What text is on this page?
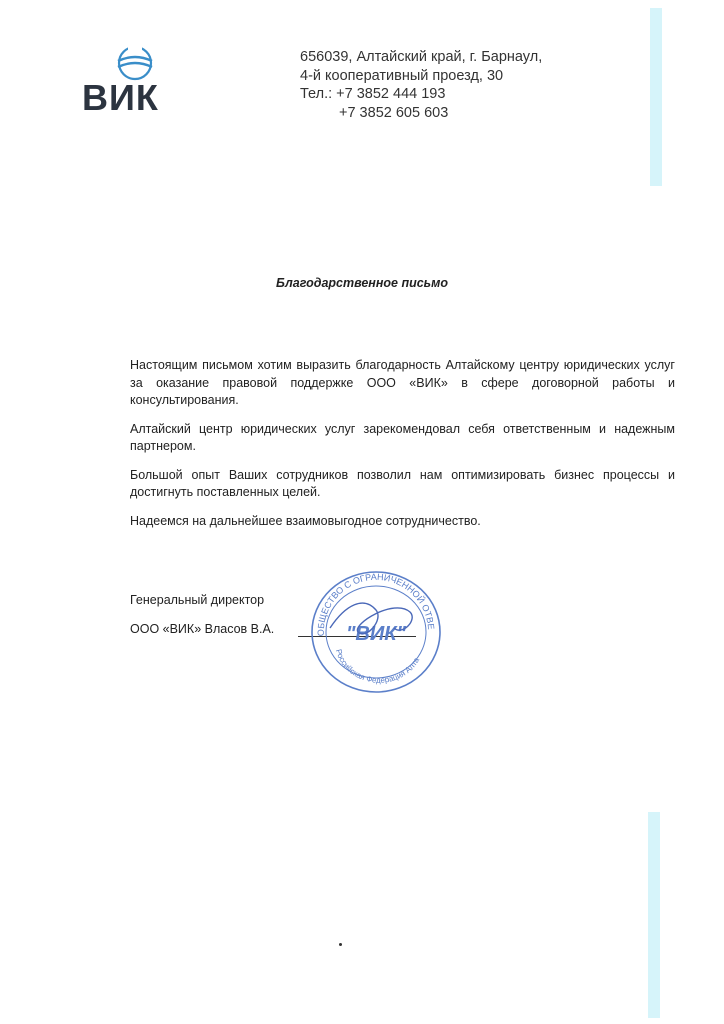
ВИК
656039, Алтайский край, г. Барнаул,
4-й кооперативный проезд, 30
Тел.: +7 3852 444 193
+7 3852 605 603
Благодарственное письмо

Настоящим письмом хотим выразить благодарность Алтайскому центру юридических услуг за оказание правовой поддержке ООО «ВИК» в сфере договорной работы и консультирования.

Алтайский центр юридических услуг зарекомендовал себя ответственным и надежным партнером.

Большой опыт Ваших сотрудников позволил нам оптимизировать бизнес процессы и достигнуть поставленных целей.

Надеемся на дальнейшее взаимовыгодное сотрудничество.

Генеральный директор
ООО «ВИК» Власов В.А.	ОБЩЕСТВО С ОГРАНИЧЕННОЙ ОТВЕ
"ВИК"
Российская Федерация Алта
